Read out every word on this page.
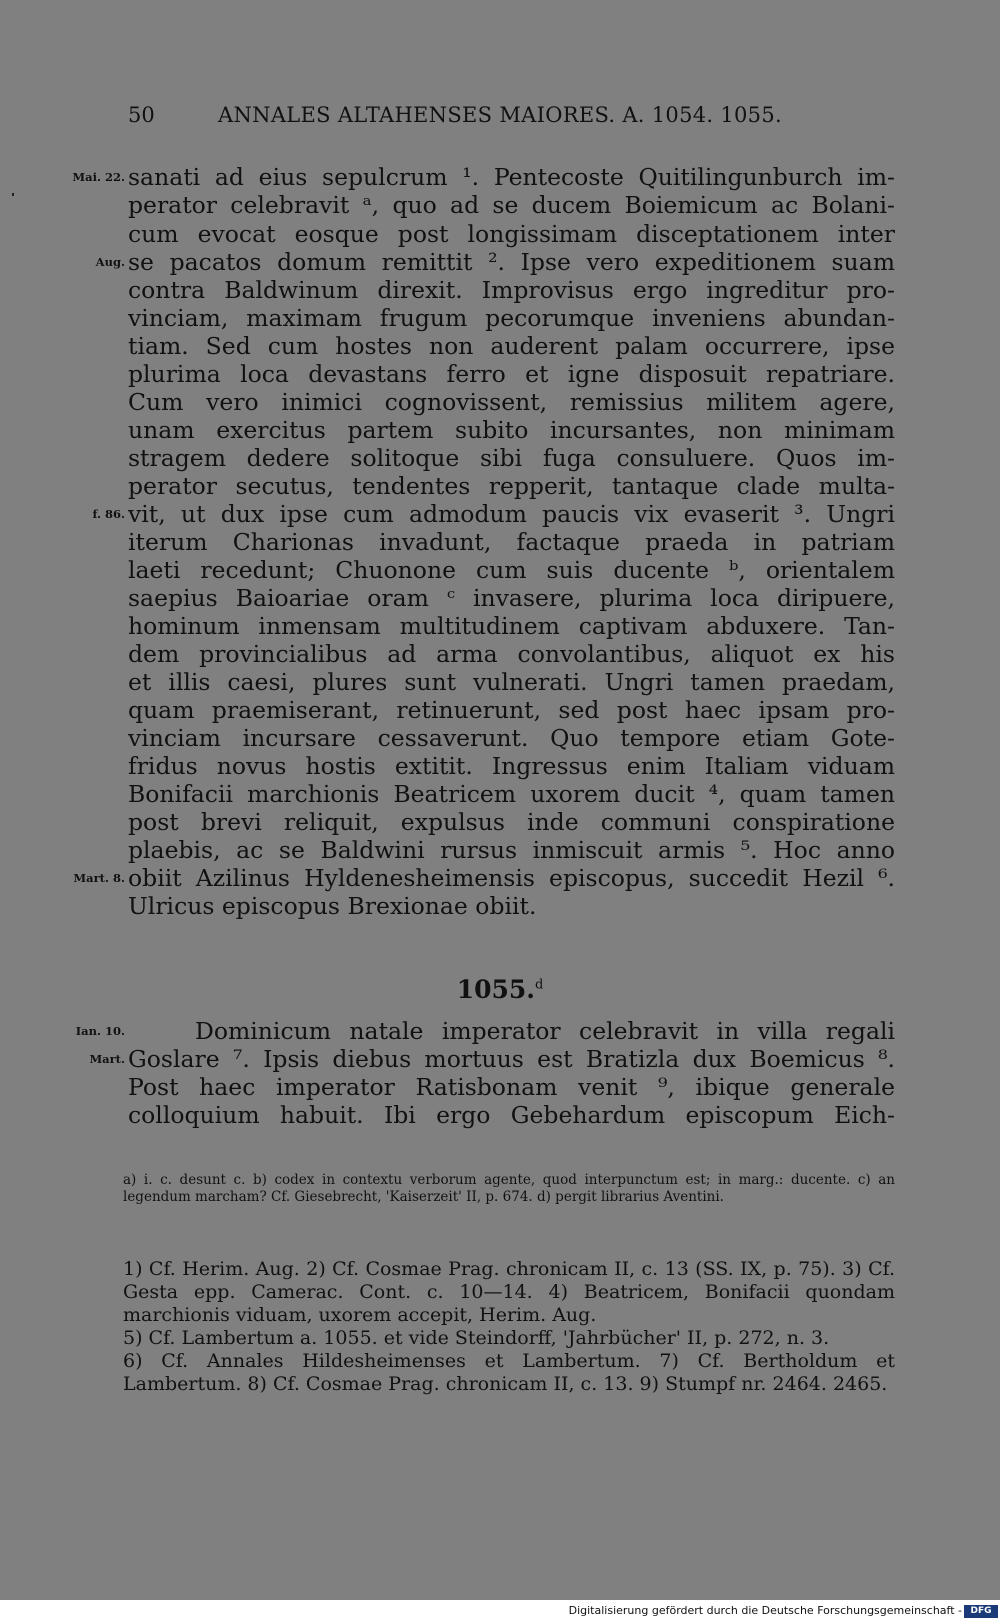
50	ANNALES ALTAHENSES MAIORES. A. 1054. 1055.
Mai. 22.
Aug.
f. 86.
Mart. 8.
Ian. 10.
Mart.
sanati ad eius sepulcrum ¹. Pentecoste Quitilingunburch im-
perator celebravit ᵃ, quo ad se ducem Boiemicum ac Bolani-
cum evocat eosque post longissimam disceptationem inter
se pacatos domum remittit ². Ipse vero expeditionem suam
contra Baldwinum direxit. Improvisus ergo ingreditur pro-
vinciam, maximam frugum pecorumque inveniens abundan-
tiam. Sed cum hostes non auderent palam occurrere, ipse
plurima loca devastans ferro et igne disposuit repatriare.
Cum vero inimici cognovissent, remissius militem agere,
unam exercitus partem subito incursantes, non minimam
stragem dedere solitoque sibi fuga consuluere. Quos im-
perator secutus, tendentes repperit, tantaque clade multa-
vit, ut dux ipse cum admodum paucis vix evaserit ³. Ungri
iterum Charionas invadunt, factaque praeda in patriam
laeti recedunt; Chuonone cum suis ducente ᵇ, orientalem
saepius Baioariae oram ᶜ invasere, plurima loca diripuere,
hominum inmensam multitudinem captivam abduxere. Tan-
dem provincialibus ad arma convolantibus, aliquot ex his
et illis caesi, plures sunt vulnerati. Ungri tamen praedam,
quam praemiserant, retinuerunt, sed post haec ipsam pro-
vinciam incursare cessaverunt. Quo tempore etiam Gote-
fridus novus hostis extitit. Ingressus enim Italiam viduam
Bonifacii marchionis Beatricem uxorem ducit ⁴, quam tamen
post brevi reliquit, expulsus inde communi conspiratione
plaebis, ac se Baldwini rursus inmiscuit armis ⁵. Hoc anno
obiit Azilinus Hyldenesheimensis episcopus, succedit Hezil ⁶.
Ulricus episcopus Brexionae obiit.
1055.$^d$
Dominicum natale imperator celebravit in villa regali
Goslare ⁷. Ipsis diebus mortuus est Bratizla dux Boemicus ⁸.
Post haec imperator Ratisbonam venit ⁹, ibique generale
colloquium habuit. Ibi ergo Gebehardum episcopum Eich-
a) i. c. desunt c. b) codex in contextu verborum agente, quod interpunctum est; in marg.: ducente. c) an legendum marcham? Cf. Giesebrecht, 'Kaiserzeit' II, p. 674. d) pergit librarius Aventini.
1) Cf. Herim. Aug. 2) Cf. Cosmae Prag. chronicam II, c. 13 (SS. IX, p. 75). 3) Cf. Gesta epp. Camerac. Cont. c. 10—14. 4) Beatricem, Bonifacii quondam marchionis viduam, uxorem accepit, Herim. Aug.
5) Cf. Lambertum a. 1055. et vide Steindorff, 'Jahrbücher' II, p. 272, n. 3.
6) Cf. Annales Hildesheimenses et Lambertum. 7) Cf. Bertholdum et Lambertum. 8) Cf. Cosmae Prag. chronicam II, c. 13. 9) Stumpf nr. 2464. 2465.
Digitalisierung gefördert durch die Deutsche Forschungsgemeinschaft - DFG
